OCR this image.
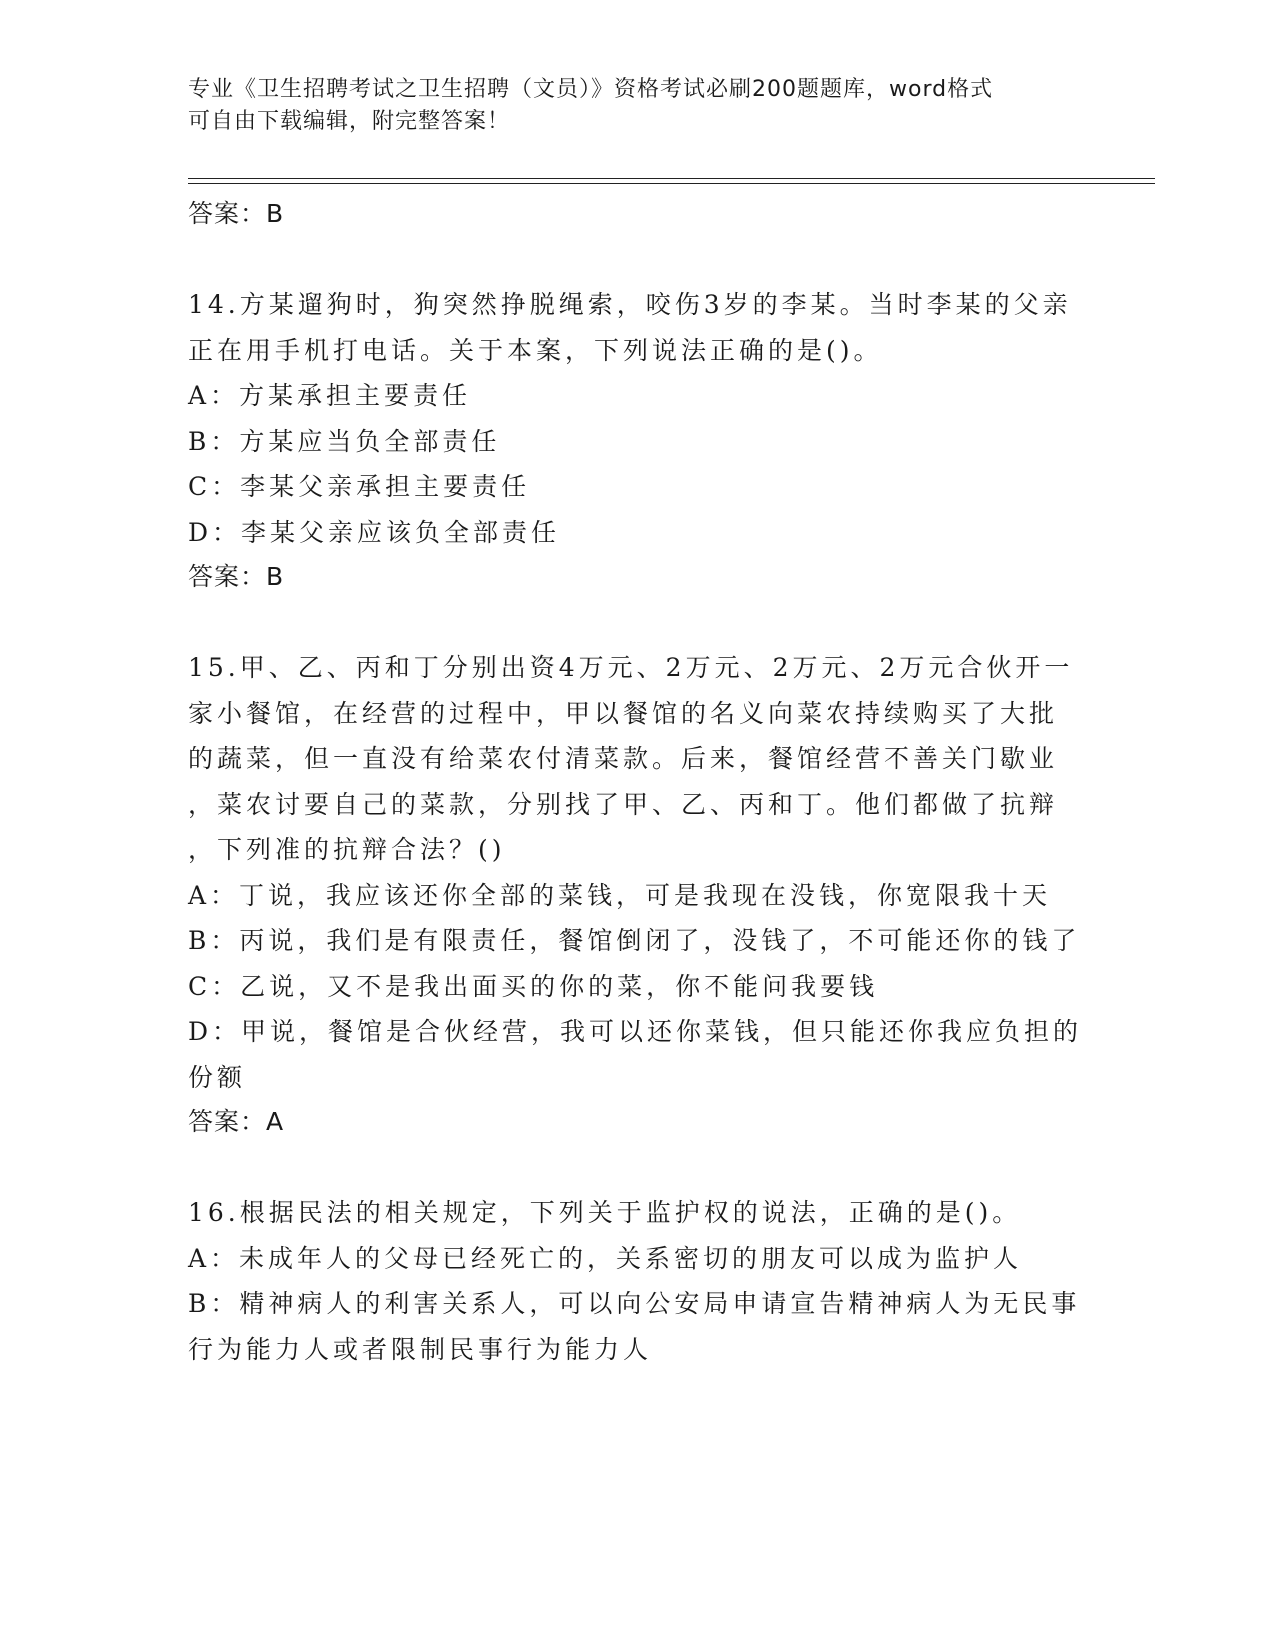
专业《卫生招聘考试之卫生招聘（文员）》资格考试必刷200题题库，word格式
可自由下载编辑，附完整答案！

答案：B

14.方某遛狗时，狗突然挣脱绳索，咬伤3岁的李某。当时李某的父亲

正在用手机打电话。关于本案，下列说法正确的是()。

A：方某承担主要责任

B：方某应当负全部责任

C：李某父亲承担主要责任

D：李某父亲应该负全部责任

答案：B

15.甲、乙、丙和丁分别出资4万元、2万元、2万元、2万元合伙开一

家小餐馆，在经营的过程中，甲以餐馆的名义向菜农持续购买了大批

的蔬菜，但一直没有给菜农付清菜款。后来，餐馆经营不善关门歇业

，菜农讨要自己的菜款，分别找了甲、乙、丙和丁。他们都做了抗辩

，下列准的抗辩合法？()

A：丁说，我应该还你全部的菜钱，可是我现在没钱，你宽限我十天

B：丙说，我们是有限责任，餐馆倒闭了，没钱了，不可能还你的钱了

C：乙说，又不是我出面买的你的菜，你不能问我要钱

D：甲说，餐馆是合伙经营，我可以还你菜钱，但只能还你我应负担的

份额

答案：A

16.根据民法的相关规定，下列关于监护权的说法，正确的是()。

A：未成年人的父母已经死亡的，关系密切的朋友可以成为监护人

B：精神病人的利害关系人，可以向公安局申请宣告精神病人为无民事

行为能力人或者限制民事行为能力人
